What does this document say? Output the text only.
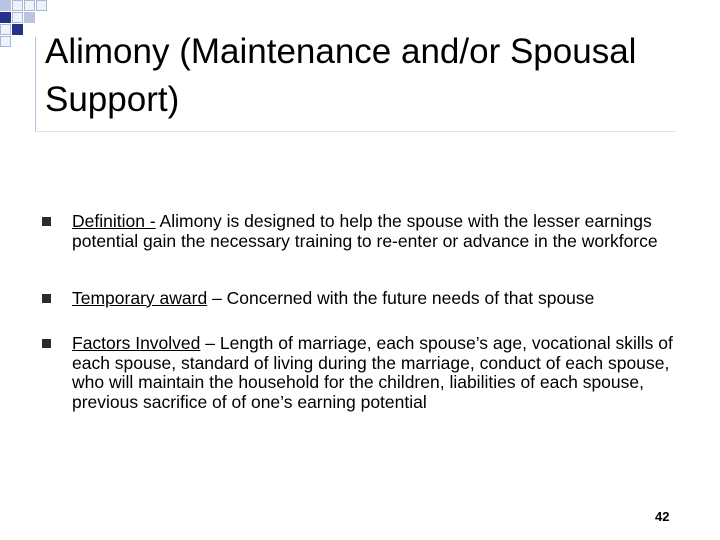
Alimony (Maintenance and/or Spousal Support)
Definition - Alimony is designed to help the spouse with the lesser earnings potential gain the necessary training to re-enter or advance in the workforce
Temporary award – Concerned with the future needs of that spouse
Factors Involved – Length of marriage, each spouse’s age, vocational skills of each spouse, standard of living during the marriage, conduct of each spouse, who will maintain the household for the children, liabilities of each spouse, previous sacrifice of of one’s earning potential
42
